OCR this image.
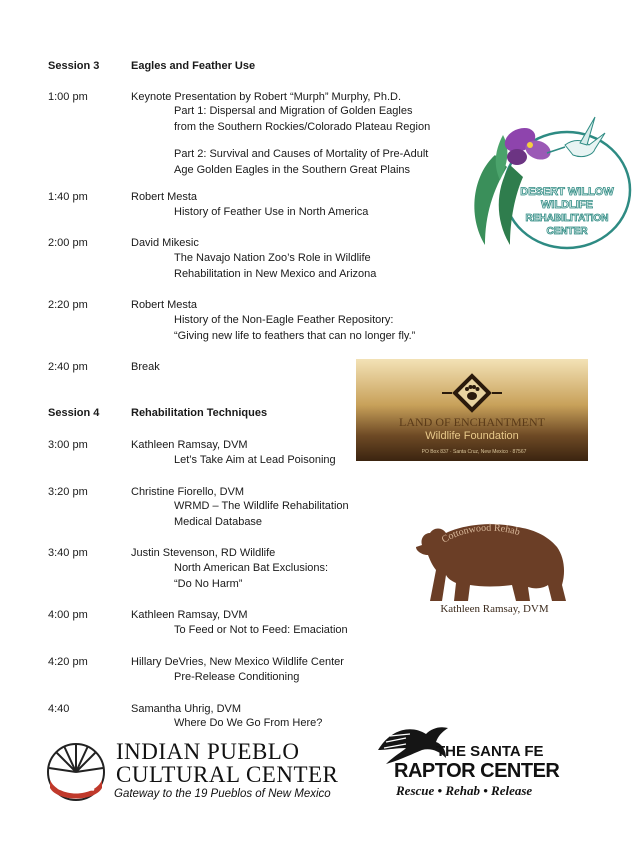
Session 3	Eagles and Feather Use
1:00 pm	Keynote Presentation by Robert “Murph” Murphy, Ph.D.
Part 1: Dispersal and Migration of Golden Eagles
from the Southern Rockies/Colorado Plateau Region
Part 2: Survival and Causes of Mortality of Pre-Adult
Age Golden Eagles in the Southern Great Plains
1:40 pm	Robert Mesta
History of Feather Use in North America
2:00 pm	David Mikesic
The Navajo Nation Zoo’s Role in Wildlife
Rehabilitation in New Mexico and Arizona
2:20 pm	Robert Mesta
History of the Non-Eagle Feather Repository:
“Giving new life to feathers that can no longer fly.”
2:40 pm	Break
Session 4	Rehabilitation Techniques
3:00 pm	Kathleen Ramsay, DVM
Let’s Take Aim at Lead Poisoning
3:20 pm	Christine Fiorello, DVM
WRMD – The Wildlife Rehabilitation
Medical Database
3:40 pm	Justin Stevenson, RD Wildlife
North American Bat Exclusions:
“Do No Harm”
4:00 pm	Kathleen Ramsay, DVM
To Feed or Not to Feed: Emaciation
4:20 pm	Hillary DeVries, New Mexico Wildlife Center
Pre-Release Conditioning
4:40	Samantha Uhrig, DVM
Where Do We Go From Here?
DESERT WILLOW
WILDLIFE
REHABILITATION
CENTER
LAND OF ENCHANTMENT
Wildlife Foundation
PO Box 837 · Santa Cruz, New Mexico · 87567
Cottonwood Rehab
Kathleen Ramsay, DVM
INDIAN PUEBLO
CULTURAL CENTER
Gateway to the 19 Pueblos of New Mexico
THE SANTA FE
RAPTOR CENTER
Rescue • Rehab • Release
